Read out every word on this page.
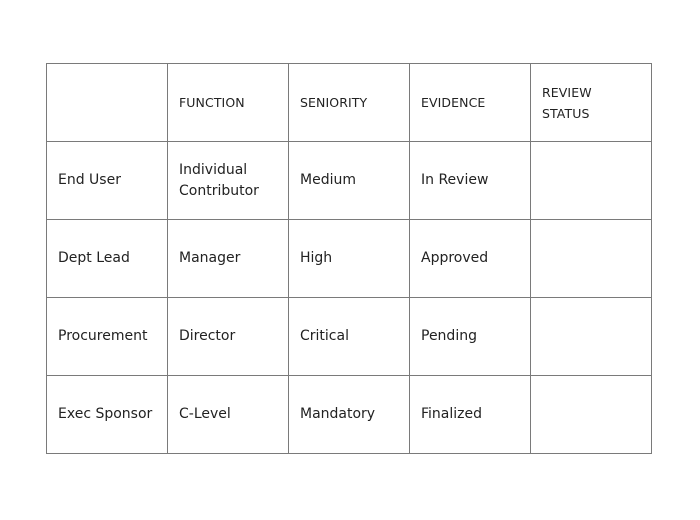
	FUNCTION	SENIORITY	EVIDENCE	REVIEW STATUS
End User	Individual Contributor	Medium	In Review	
Dept Lead	Manager	High	Approved	
Procurement	Director	Critical	Pending	
Exec Sponsor	C-Level	Mandatory	Finalized	
